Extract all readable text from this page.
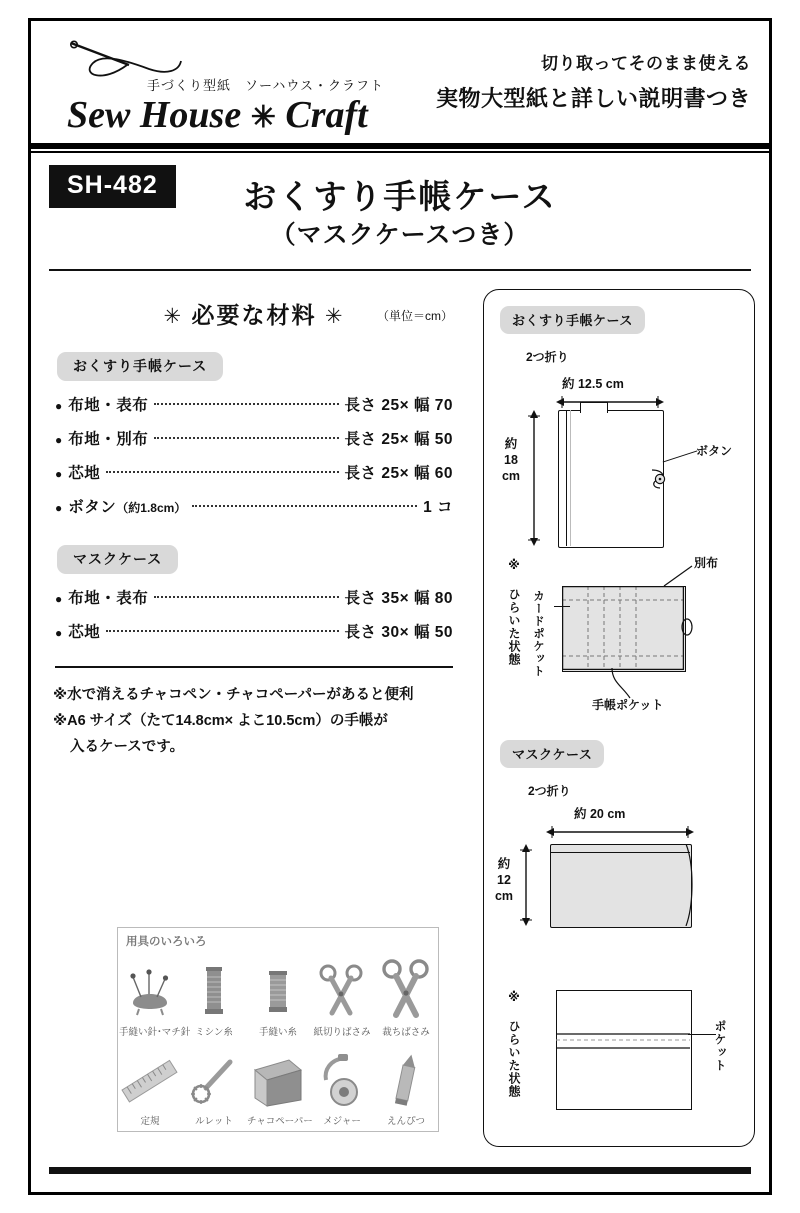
手づくり型紙　ソーハウス・クラフト
Sew House ✳ Craft
切り取ってそのまま使える
実物大型紙と詳しい説明書つき
SH-482	おくすり手帳ケース
（マスクケースつき）
✳ 必要な材料 ✳	（単位＝cm）
おくすり手帳ケース
● 布地・表布	長さ 25× 幅 70
● 布地・別布	長さ 25× 幅 50
● 芯地	長さ 25× 幅 60
● ボタン（約1.8cm）	1 コ
マスクケース
● 布地・表布	長さ 35× 幅 80
● 芯地	長さ 30× 幅 50
※水で消えるチャコペン・チャコペーパーがあると便利
※A6 サイズ（たて14.8cm× よこ10.5cm）の手帳が
入るケースです。
用具のいろいろ
手縫い針･マチ針 ミシン糸	手縫い糸	紙切りばさみ	裁ちばさみ
定規	ルレット	チャコペーパー	メジャー	えんぴつ
おくすり手帳ケース
2つ折り
約 12.5 cm
ボタン
約
18
cm
※ ひらいた状態	別布
カードポケット
手帳ポケット
マスクケース
2つ折り
約 20 cm
約
12
cm
※ ひらいた状態	ポケット
